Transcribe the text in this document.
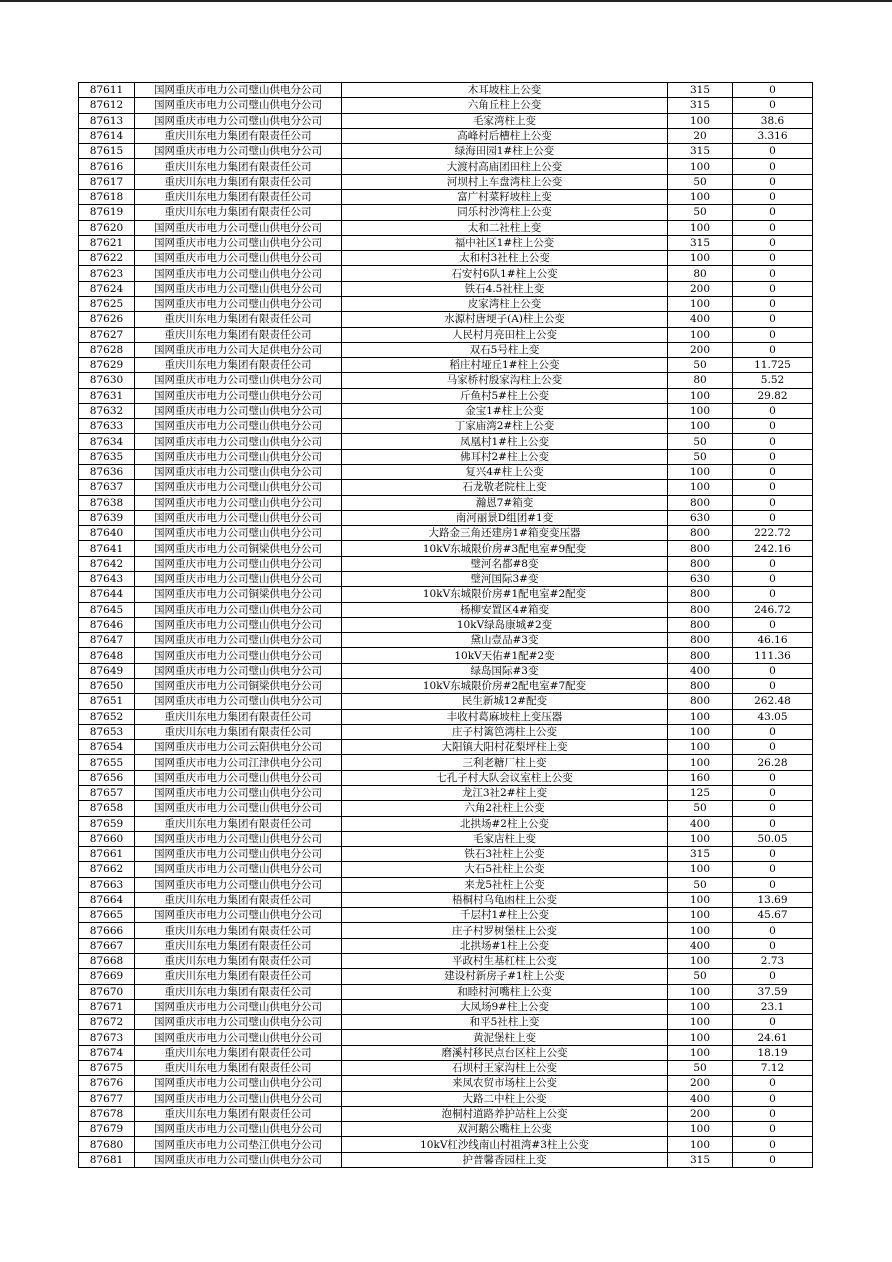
87611	国网重庆市电力公司璧山供电分公司	木耳坡柱上公变	315	0
87612	国网重庆市电力公司璧山供电分公司	六角丘柱上公变	315	0
87613	国网重庆市电力公司璧山供电分公司	毛家湾柱上变	100	38.6
87614	重庆川东电力集团有限责任公司	高峰村后槽柱上公变	20	3.316
87615	国网重庆市电力公司璧山供电分公司	绿海田园1#柱上公变	315	0
87616	重庆川东电力集团有限责任公司	大渡村高庙团田柱上公变	100	0
87617	重庆川东电力集团有限责任公司	河坝村上车盘湾柱上公变	50	0
87618	重庆川东电力集团有限责任公司	富广村菜籽坡柱上变	100	0
87619	重庆川东电力集团有限责任公司	同乐村沙湾柱上公变	50	0
87620	国网重庆市电力公司璧山供电分公司	太和二社柱上变	100	0
87621	国网重庆市电力公司璧山供电分公司	福中社区1#柱上公变	315	0
87622	国网重庆市电力公司璧山供电分公司	太和村3社柱上公变	100	0
87623	国网重庆市电力公司璧山供电分公司	石安村6队1#柱上公变	80	0
87624	国网重庆市电力公司璧山供电分公司	铁石4.5社柱上变	200	0
87625	国网重庆市电力公司璧山供电分公司	皮家湾柱上公变	100	0
87626	重庆川东电力集团有限责任公司	水源村唐埂子(A)柱上公变	400	0
87627	重庆川东电力集团有限责任公司	人民村月亮田柱上公变	100	0
87628	国网重庆市电力公司大足供电分公司	双石5号柱上变	200	0
87629	重庆川东电力集团有限责任公司	稻庄村垭丘1#柱上公变	50	11.725
87630	国网重庆市电力公司璧山供电分公司	马家桥村殷家沟柱上公变	80	5.52
87631	国网重庆市电力公司璧山供电分公司	斤鱼村5#柱上公变	100	29.82
87632	国网重庆市电力公司璧山供电分公司	金宝1#柱上公变	100	0
87633	国网重庆市电力公司璧山供电分公司	丁家庙湾2#柱上公变	100	0
87634	国网重庆市电力公司璧山供电分公司	凤凰村1#柱上公变	50	0
87635	国网重庆市电力公司璧山供电分公司	佛耳村2#柱上公变	50	0
87636	国网重庆市电力公司璧山供电分公司	复兴4#柱上公变	100	0
87637	国网重庆市电力公司璧山供电分公司	石龙敬老院柱上变	100	0
87638	国网重庆市电力公司璧山供电分公司	瀚恩7#箱变	800	0
87639	国网重庆市电力公司璧山供电分公司	南河丽景D组团#1变	630	0
87640	国网重庆市电力公司璧山供电分公司	大路金三角还建房1#箱变变压器	800	222.72
87641	国网重庆市电力公司铜梁供电分公司	10kV东城限价房#3配电室#9配变	800	242.16
87642	国网重庆市电力公司璧山供电分公司	璧河名都#8变	800	0
87643	国网重庆市电力公司璧山供电分公司	璧河国际3#变	630	0
87644	国网重庆市电力公司铜梁供电分公司	10kV东城限价房#1配电室#2配变	800	0
87645	国网重庆市电力公司璧山供电分公司	杨柳安置区4#箱变	800	246.72
87646	国网重庆市电力公司璧山供电分公司	10kV绿岛康城#2变	800	0
87647	国网重庆市电力公司璧山供电分公司	黛山壹品#3变	800	46.16
87648	国网重庆市电力公司璧山供电分公司	10kV天佑#1配#2变	800	111.36
87649	国网重庆市电力公司璧山供电分公司	绿岛国际#3变	400	0
87650	国网重庆市电力公司铜梁供电分公司	10kV东城限价房#2配电室#7配变	800	0
87651	国网重庆市电力公司璧山供电分公司	民生新城12#配变	800	262.48
87652	重庆川东电力集团有限责任公司	丰收村葛麻坡柱上变压器	100	43.05
87653	重庆川东电力集团有限责任公司	庄子村篱笆湾柱上公变	100	0
87654	国网重庆市电力公司云阳供电分公司	大阳镇大阳村花梨坪柱上变	100	0
87655	国网重庆市电力公司江津供电分公司	三利老糖厂柱上变	100	26.28
87656	国网重庆市电力公司璧山供电分公司	七孔子村大队会议室柱上公变	160	0
87657	国网重庆市电力公司璧山供电分公司	龙江3社2#柱上变	125	0
87658	国网重庆市电力公司璧山供电分公司	六角2社柱上公变	50	0
87659	重庆川东电力集团有限责任公司	北拱场#2柱上公变	400	0
87660	国网重庆市电力公司璧山供电分公司	毛家店柱上变	100	50.05
87661	国网重庆市电力公司璧山供电分公司	铁石3社柱上公变	315	0
87662	国网重庆市电力公司璧山供电分公司	大石5社柱上公变	100	0
87663	国网重庆市电力公司璧山供电分公司	来龙5社柱上公变	50	0
87664	重庆川东电力集团有限责任公司	梧桐村乌龟凼柱上公变	100	13.69
87665	国网重庆市电力公司璧山供电分公司	千层村1#柱上公变	100	45.67
87666	重庆川东电力集团有限责任公司	庄子村罗树堡柱上公变	100	0
87667	重庆川东电力集团有限责任公司	北拱场#1柱上公变	400	0
87668	重庆川东电力集团有限责任公司	平政村生基杠柱上公变	100	2.73
87669	重庆川东电力集团有限责任公司	建设村新房子#1柱上公变	50	0
87670	重庆川东电力集团有限责任公司	和睦村河嘴柱上公变	100	37.59
87671	国网重庆市电力公司璧山供电分公司	大凤场9#柱上公变	100	23.1
87672	国网重庆市电力公司璧山供电分公司	和平5社柱上变	100	0
87673	国网重庆市电力公司璧山供电分公司	黄泥堡柱上变	100	24.61
87674	重庆川东电力集团有限责任公司	磨溪村移民点台区柱上公变	100	18.19
87675	重庆川东电力集团有限责任公司	石坝村王家沟柱上公变	50	7.12
87676	国网重庆市电力公司璧山供电分公司	来凤农贸市场柱上公变	200	0
87677	国网重庆市电力公司璧山供电分公司	大路二中柱上公变	400	0
87678	重庆川东电力集团有限责任公司	泡桐村道路养护站柱上公变	200	0
87679	国网重庆市电力公司璧山供电分公司	双河鹅公嘴柱上公变	100	0
87680	国网重庆市电力公司垫江供电分公司	10kV杠沙线南山村祖湾#3柱上公变	100	0
87681	国网重庆市电力公司璧山供电分公司	护普馨香园柱上变	315	0
